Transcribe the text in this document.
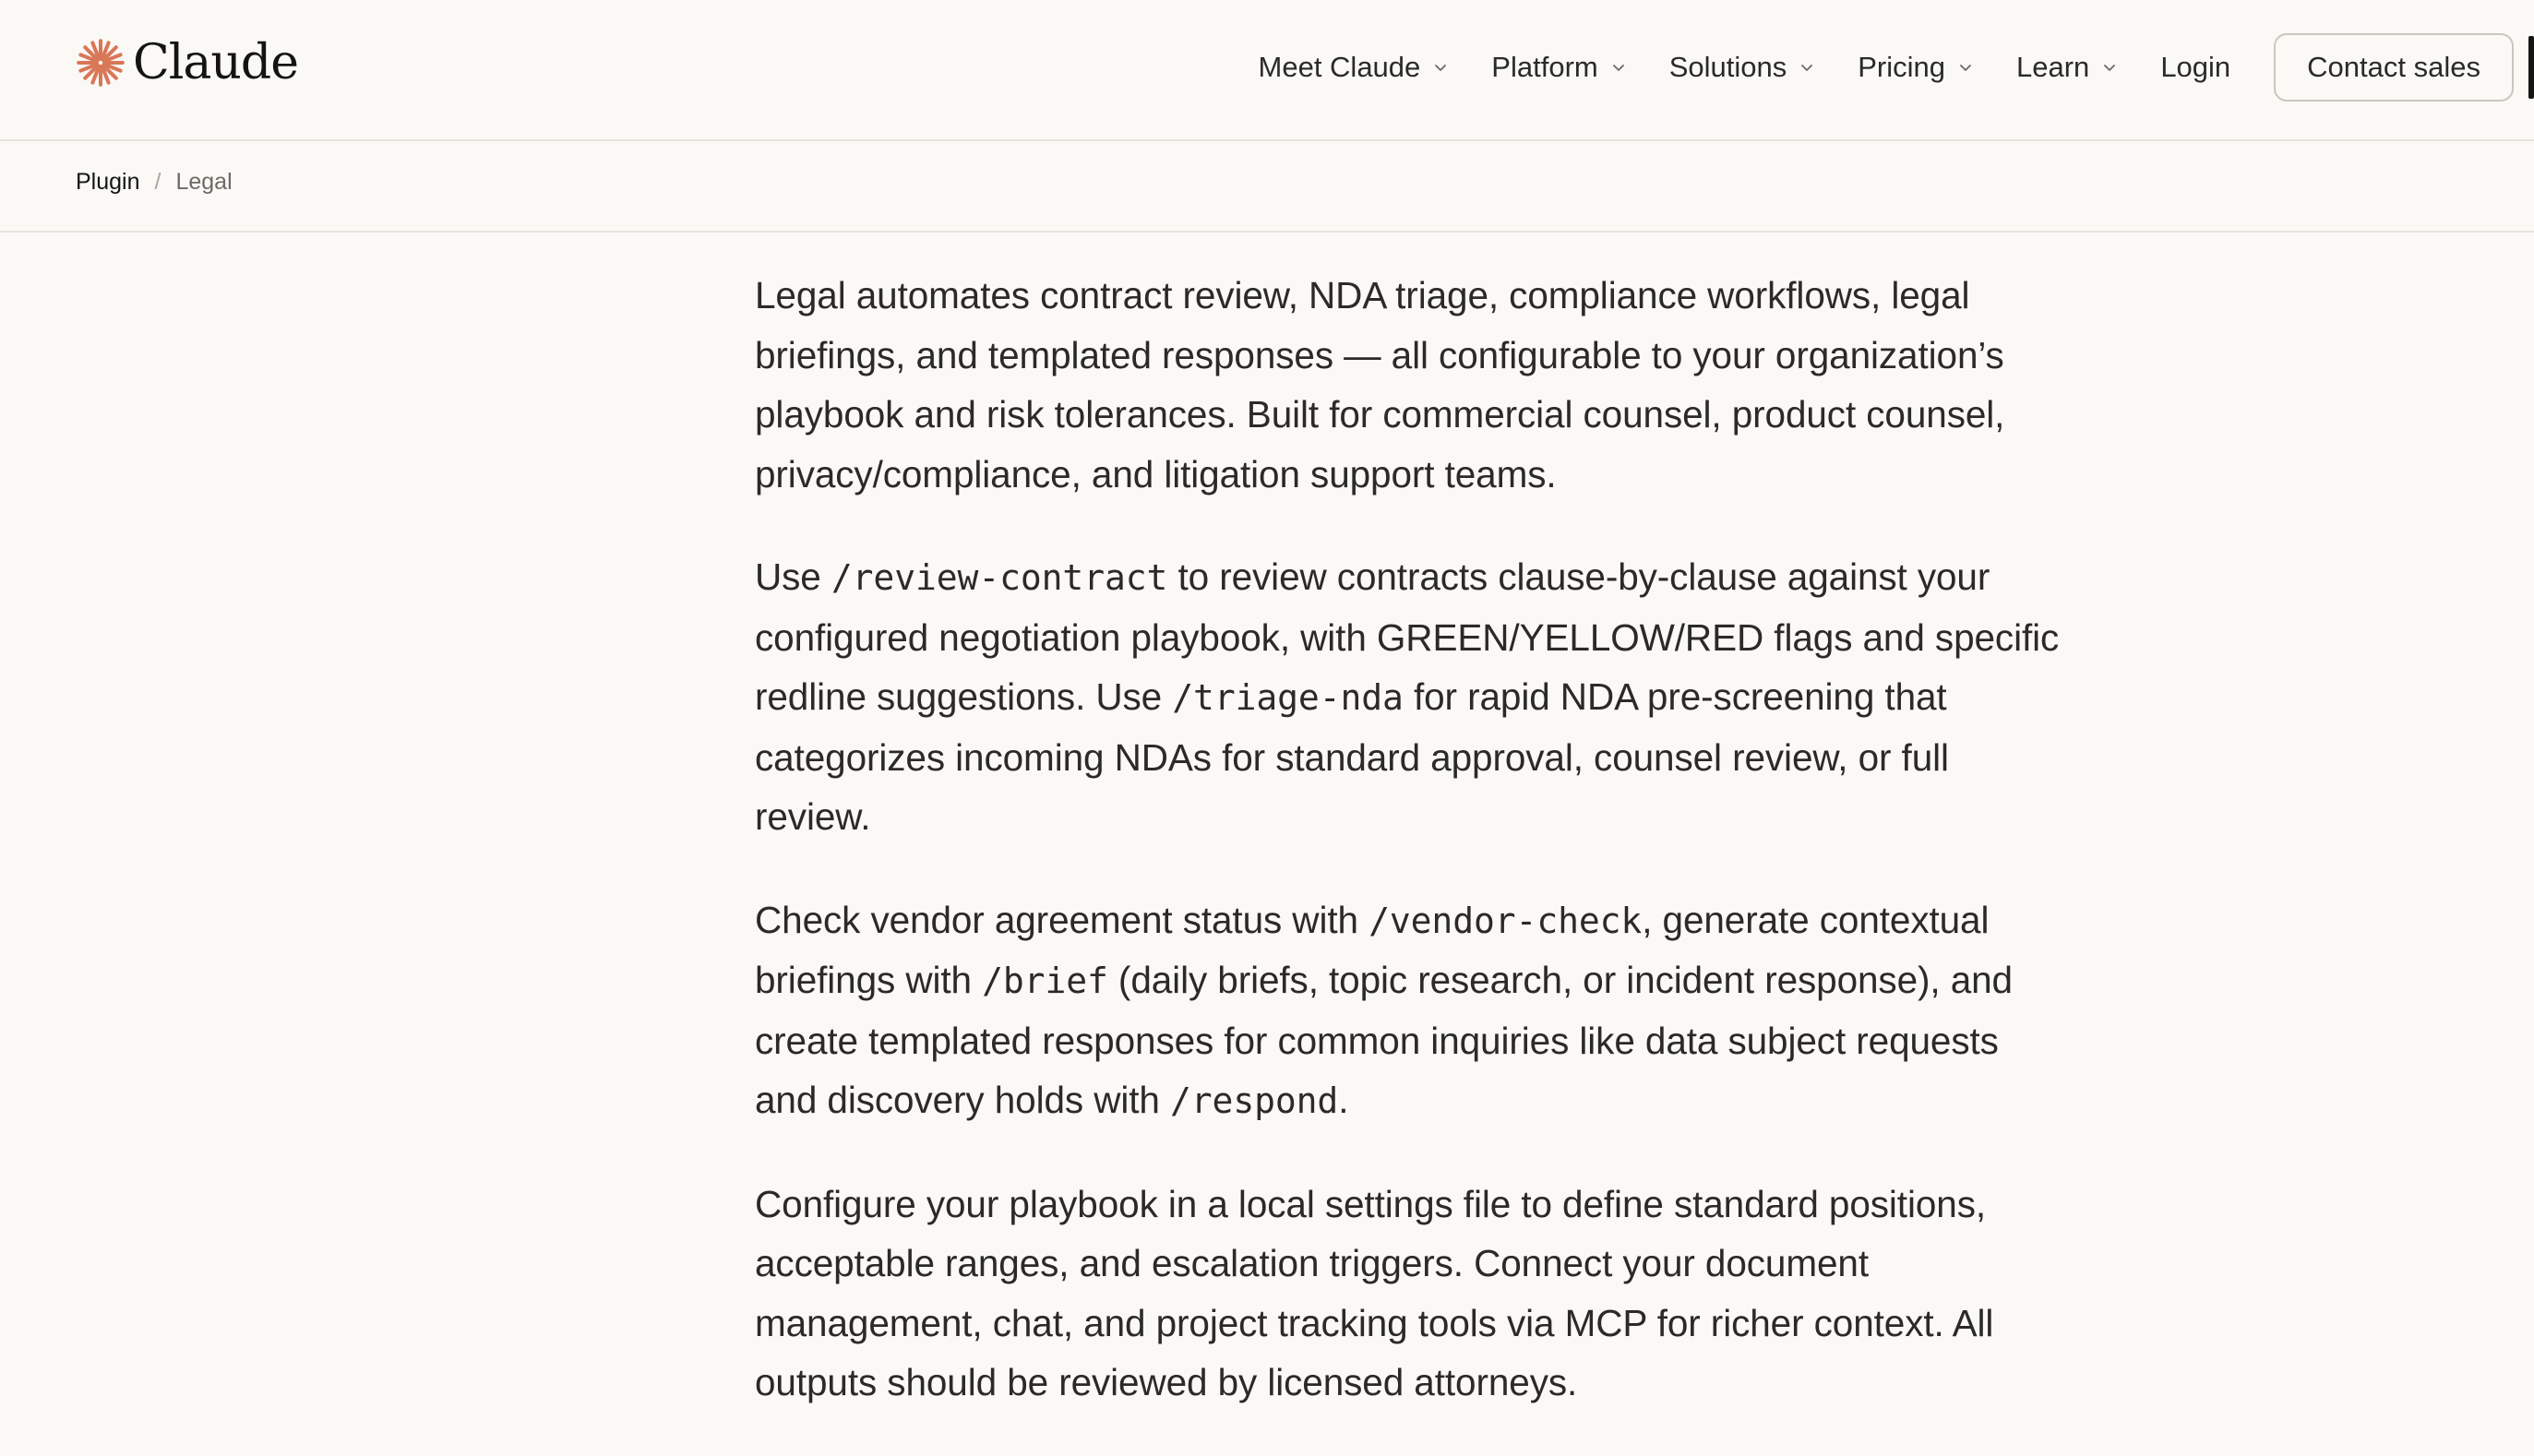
Claude	Meet Claude Platform Solutions Pricing Learn Login	Contact sales
Plugin / Legal

Legal automates contract review, NDA triage, compliance workflows, legal briefings, and templated responses — all configurable to your organization’s playbook and risk tolerances. Built for commercial counsel, product counsel, privacy/compliance, and litigation support teams.

Use /review-contract to review contracts clause-by-clause against your configured negotiation playbook, with GREEN/YELLOW/RED flags and specific redline suggestions. Use /triage-nda for rapid NDA pre-screening that categorizes incoming NDAs for standard approval, counsel review, or full review.

Check vendor agreement status with /vendor-check, generate contextual briefings with /brief (daily briefs, topic research, or incident response), and create templated responses for common inquiries like data subject requests and discovery holds with /respond.

Configure your playbook in a local settings file to define standard positions, acceptable ranges, and escalation triggers. Connect your document management, chat, and project tracking tools via MCP for richer context. All outputs should be reviewed by licensed attorneys.
